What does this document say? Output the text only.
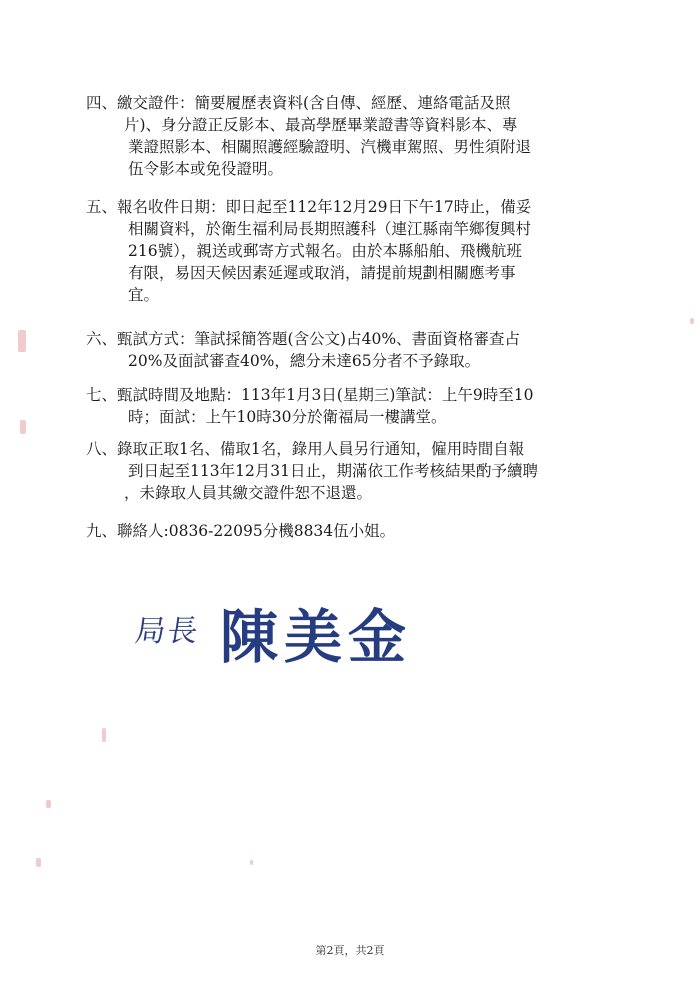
四、繳交證件：簡要履歷表資料(含自傳、經歷、連絡電話及照
片)、身分證正反影本、最高學歷畢業證書等資料影本、專
業證照影本、相關照護經驗證明、汽機車駕照、男性須附退
伍令影本或免役證明。
五、報名收件日期：即日起至112年12月29日下午17時止，備妥
相關資料，於衛生福利局長期照護科（連江縣南竿鄉復興村
216號），親送或郵寄方式報名。由於本縣船舶、飛機航班
有限，易因天候因素延遲或取消，請提前規劃相關應考事
宜。
六、甄試方式：筆試採簡答題(含公文)占40%、書面資格審查占
20%及面試審查40%，總分未達65分者不予錄取。
七、甄試時間及地點：113年1月3日(星期三)筆試：上午9時至10
時；面試：上午10時30分於衛福局一樓講堂。
八、錄取正取1名、備取1名，錄用人員另行通知，僱用時間自報
到日起至113年12月31日止，期滿依工作考核結果酌予續聘
，未錄取人員其繳交證件恕不退還。
九、聯絡人:0836-22095分機8834伍小姐。
局長 陳美金
第2頁，共2頁
